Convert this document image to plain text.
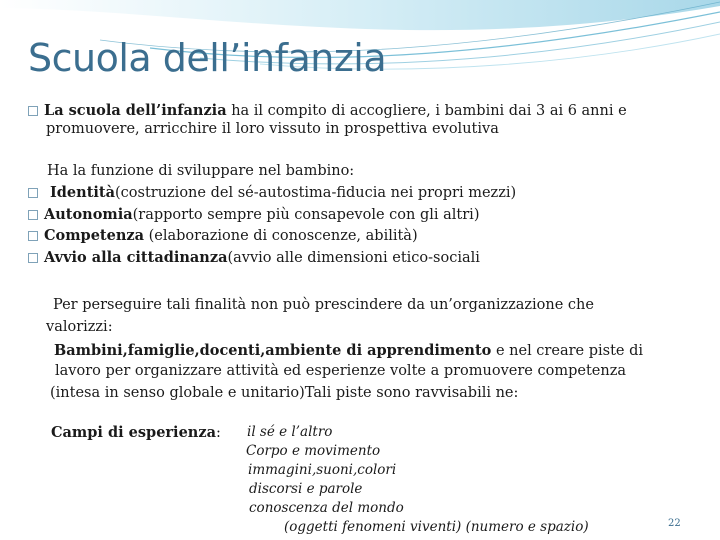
Scuola dell’infanzia
La scuola dell’infanzia ha il compito di accogliere, i bambini dai 3 ai 6 anni e
promuovere, arricchire il loro vissuto in prospettiva evolutiva
Ha la funzione di sviluppare nel bambino:
Identità(costruzione del sé-autostima-fiducia nei propri mezzi)
Autonomia(rapporto sempre più consapevole con gli altri)
Competenza (elaborazione di conoscenze, abilità)
Avvio alla cittadinanza(avvio alle dimensioni etico-sociali
Per perseguire tali finalità non può prescindere da un’organizzazione che
valorizzi:
Bambini,famiglie,docenti,ambiente di apprendimento e nel creare piste di
lavoro per organizzare attività ed esperienze volte a promuovere competenza
(intesa in senso globale e unitario)Tali piste sono ravvisabili ne:
Campi di esperienza: il sé e l’altro
Corpo e movimento
immagini,suoni,colori
discorsi e parole
conoscenza del mondo
(oggetti fenomeni viventi) (numero e spazio)	22
